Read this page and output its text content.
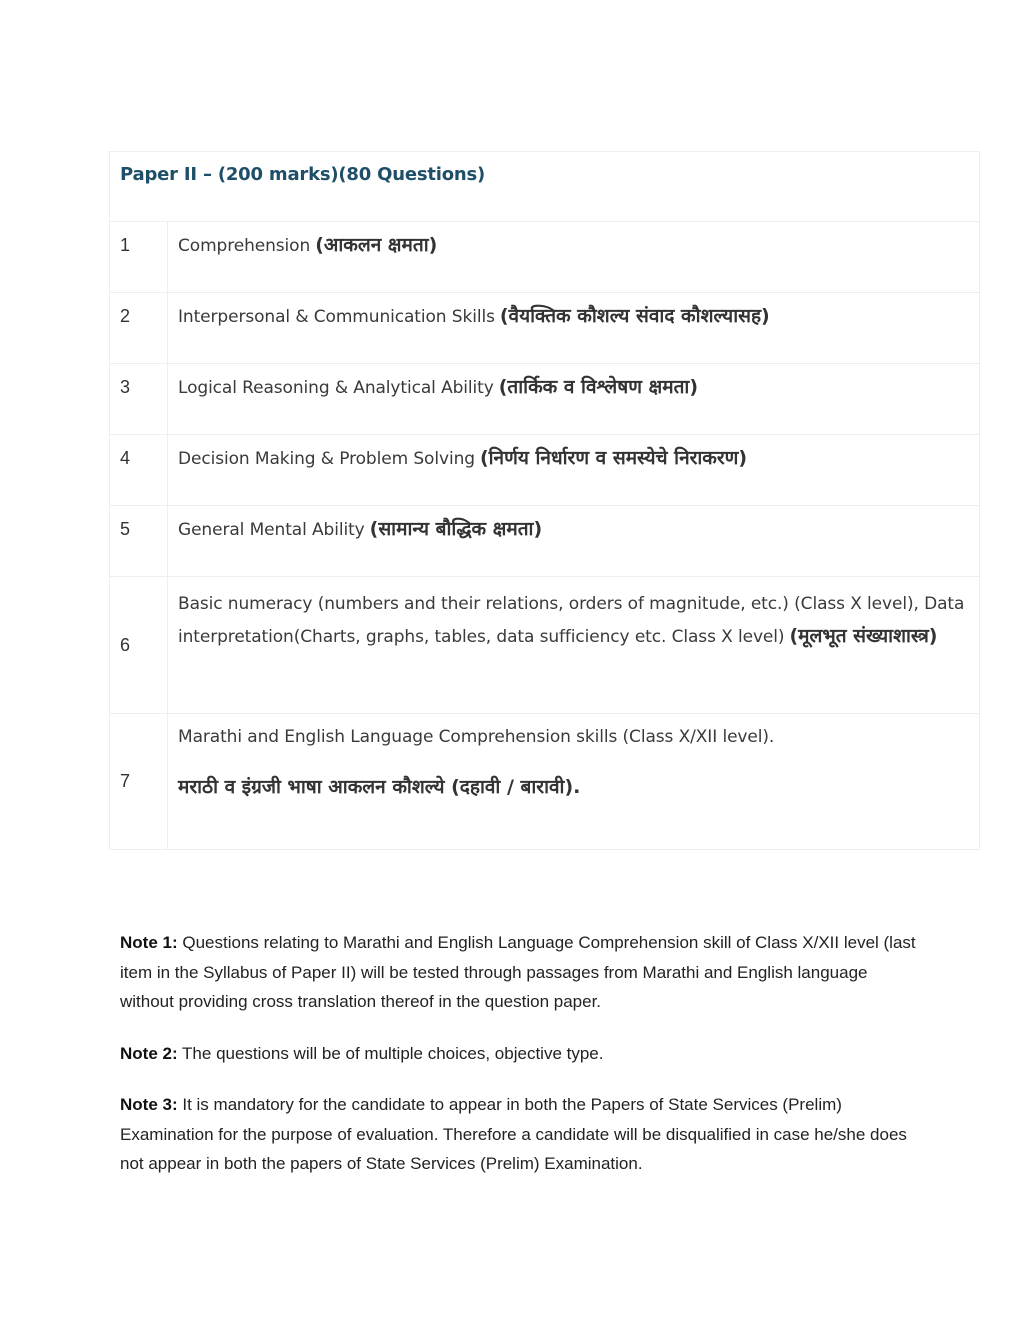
Paper II – (200 marks)(80 Questions)	
1	Comprehension (आकलन क्षमता)
2	Interpersonal & Communication Skills (वैयक्तिक कौशल्य संवाद कौशल्यासह)
3	Logical Reasoning & Analytical Ability (तार्किक व विश्लेषण क्षमता)
4	Decision Making & Problem Solving (निर्णय निर्धारण व समस्येचे निराकरण)
5	General Mental Ability (सामान्य बौद्धिक क्षमता)
6	Basic numeracy (numbers and their relations, orders of magnitude, etc.) (Class X level), Data interpretation(Charts, graphs, tables, data sufficiency etc. Class X level) (मूलभूत संख्याशास्त्र)
7	Marathi and English Language Comprehension skills (Class X/XII level).
मराठी व इंग्रजी भाषा आकलन कौशल्ये (दहावी / बारावी).

Note 1: Questions relating to Marathi and English Language Comprehension skill of Class X/XII level (last item in the Syllabus of Paper II) will be tested through passages from Marathi and English language without providing cross translation thereof in the question paper.

Note 2: The questions will be of multiple choices, objective type.

Note 3: It is mandatory for the candidate to appear in both the Papers of State Services (Prelim) Examination for the purpose of evaluation. Therefore a candidate will be disqualified in case he/she does not appear in both the papers of State Services (Prelim) Examination.
